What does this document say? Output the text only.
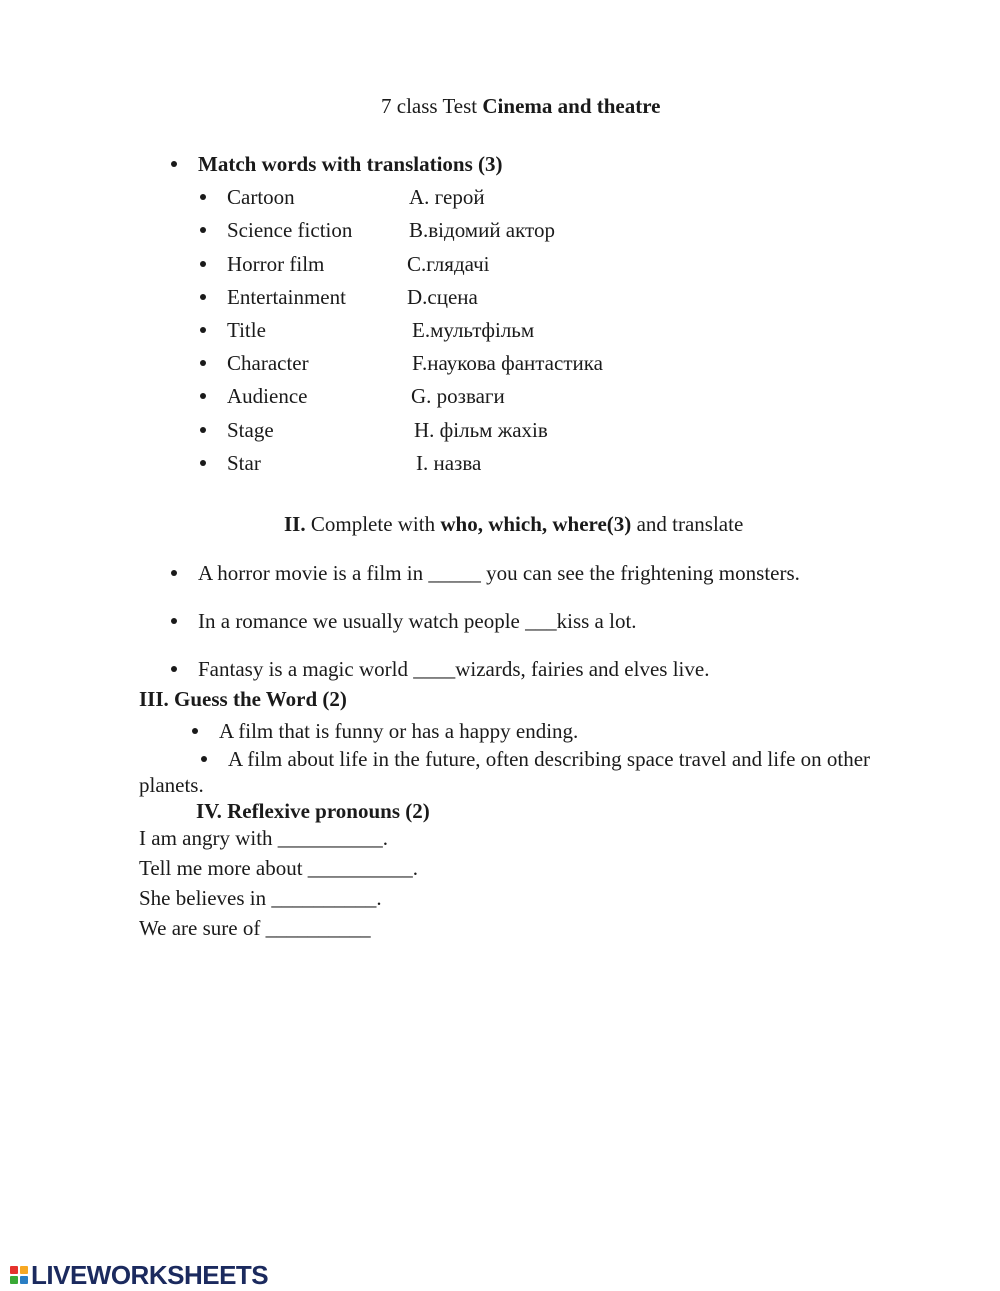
7 class Test Cinema and theatre
Match words with translations (3)
Cartoon	A. герой
Science fiction	B.відомий актор
Horror film	C.глядачі
Entertainment	D.сцена
Title	E.мультфільм
Character	F.наукова фантастика
Audience	G. розваги
Stage	H. фільм жахів
Star	I. назва
II. Complete with who, which, where(3) and translate
A horror movie is a film in _____ you can see the frightening monsters.
In a romance we usually watch people ___kiss a lot.
Fantasy is a magic world ____wizards, fairies and elves live.
III. Guess the Word (2)
A film that is funny or has a happy ending.
A film about life in the future, often describing space travel and life on other
planets.
IV. Reflexive pronouns (2)
I am angry with __________.
Tell me more about __________.
She believes in __________.
We are sure of __________
LIVEWORKSHEETS
